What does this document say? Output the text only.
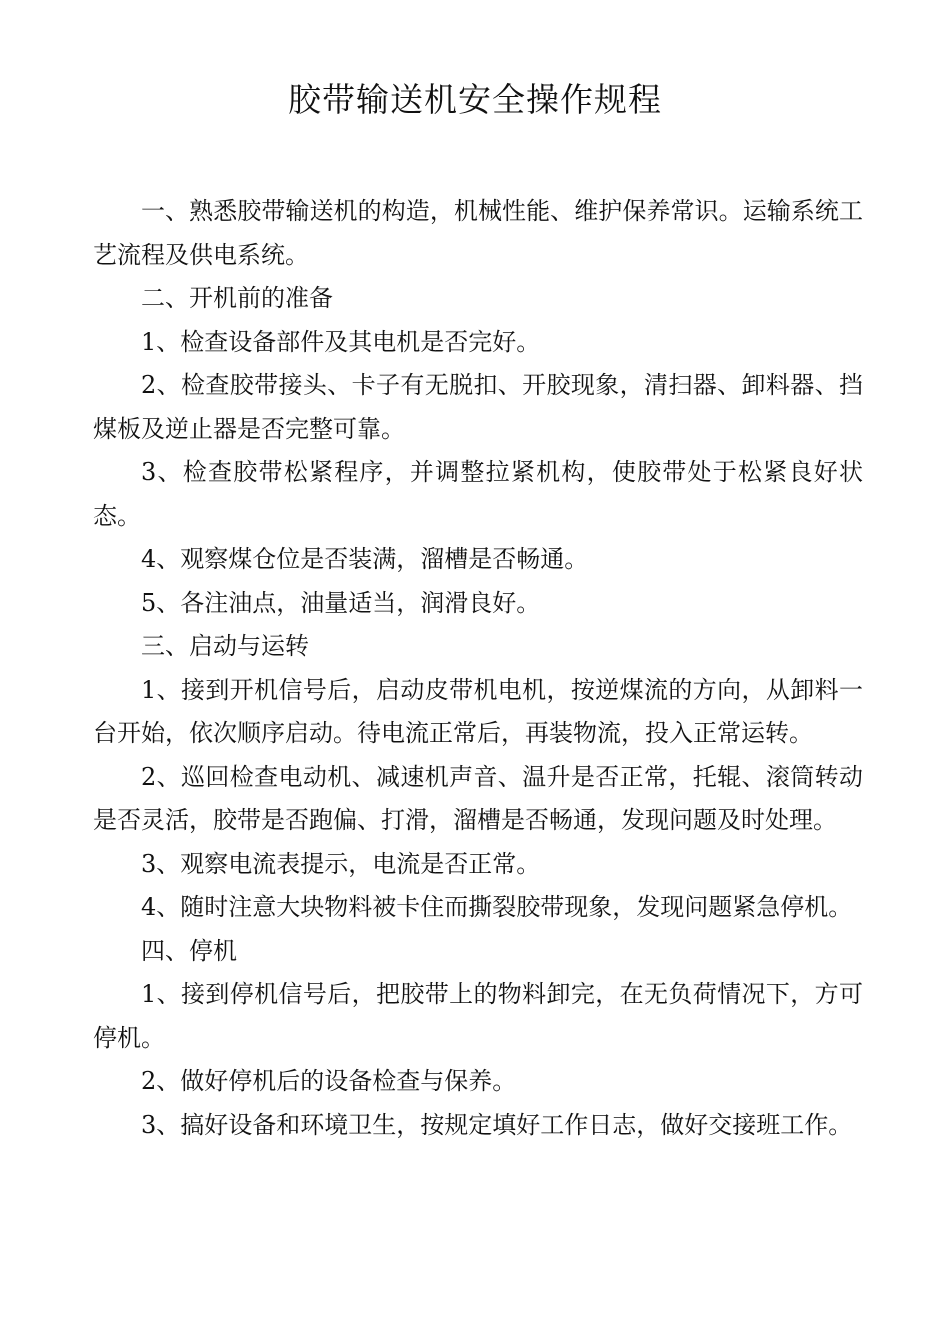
胶带输送机安全操作规程

一、熟悉胶带输送机的构造，机械性能、维护保养常识。运输系统工艺流程及供电系统。

二、开机前的准备

1、检查设备部件及其电机是否完好。

2、检查胶带接头、卡子有无脱扣、开胶现象，清扫器、卸料器、挡煤板及逆止器是否完整可靠。

3、检查胶带松紧程序，并调整拉紧机构，使胶带处于松紧良好状态。

4、观察煤仓位是否装满，溜槽是否畅通。

5、各注油点，油量适当，润滑良好。

三、启动与运转

1、接到开机信号后，启动皮带机电机，按逆煤流的方向，从卸料一台开始，依次顺序启动。待电流正常后，再装物流，投入正常运转。

2、巡回检查电动机、减速机声音、温升是否正常，托辊、滚筒转动是否灵活，胶带是否跑偏、打滑，溜槽是否畅通，发现问题及时处理。

3、观察电流表提示，电流是否正常。

4、随时注意大块物料被卡住而撕裂胶带现象，发现问题紧急停机。

四、停机

1、接到停机信号后，把胶带上的物料卸完，在无负荷情况下，方可停机。

2、做好停机后的设备检查与保养。

3、搞好设备和环境卫生，按规定填好工作日志，做好交接班工作。
